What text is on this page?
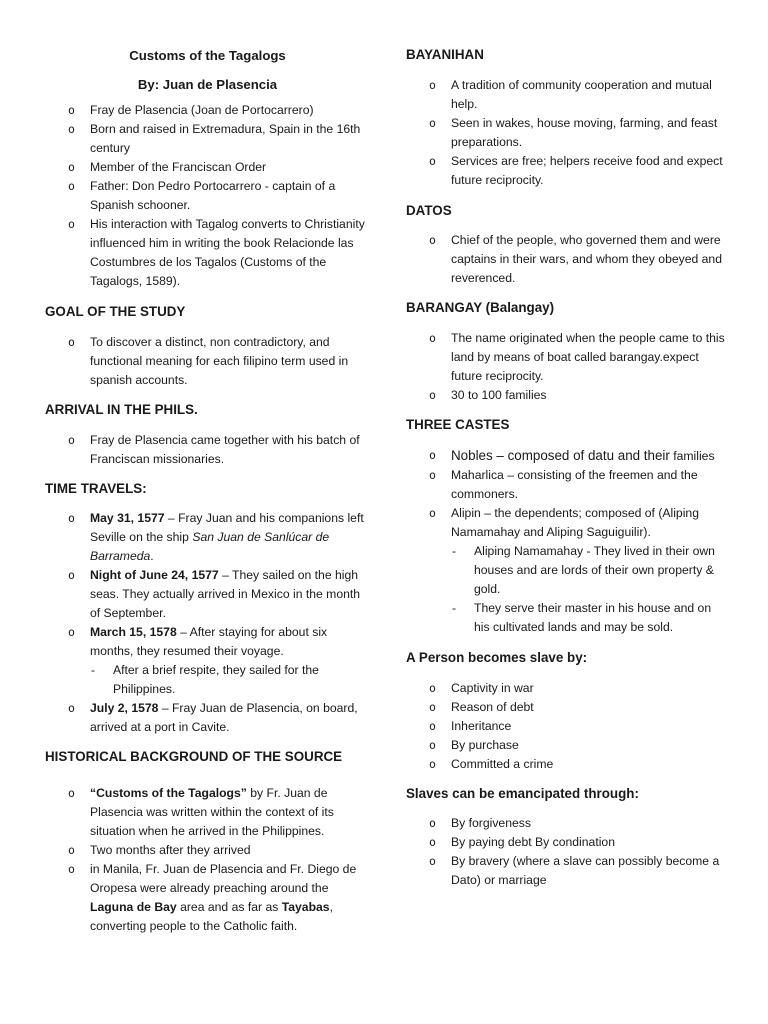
Customs of the Tagalogs

By: Juan de Plasencia

o Fray de Plasencia (Joan de Portocarrero)
o Born and raised in Extremadura, Spain in the 16th century
o Member of the Franciscan Order
o Father: Don Pedro Portocarrero - captain of a Spanish schooner.
o His interaction with Tagalog converts to Christianity influenced him in writing the book Relacionde las Costumbres de los Tagalos (Customs of the Tagalogs, 1589).

GOAL OF THE STUDY

o To discover a distinct, non contradictory, and functional meaning for each filipino term used in spanish accounts.

ARRIVAL IN THE PHILS.

o Fray de Plasencia came together with his batch of Franciscan missionaries.

TIME TRAVELS:

o May 31, 1577 – Fray Juan and his companions left Seville on the ship San Juan de Sanlúcar de Barrameda.
o Night of June 24, 1577 – They sailed on the high seas. They actually arrived in Mexico in the month of September.
o March 15, 1578 – After staying for about six months, they resumed their voyage.
- After a brief respite, they sailed for the Philippines.
o July 2, 1578 – Fray Juan de Plasencia, on board, arrived at a port in Cavite.

HISTORICAL BACKGROUND OF THE SOURCE

o “Customs of the Tagalogs” by Fr. Juan de Plasencia was written within the context of its situation when he arrived in the Philippines.
o Two months after they arrived
o in Manila, Fr. Juan de Plasencia and Fr. Diego de Oropesa were already preaching around the Laguna de Bay area and as far as Tayabas, converting people to the Catholic faith.

BAYANIHAN

o A tradition of community cooperation and mutual help.
o Seen in wakes, house moving, farming, and feast preparations.
o Services are free; helpers receive food and expect future reciprocity.

DATOS

o Chief of the people, who governed them and were captains in their wars, and whom they obeyed and reverenced.

BARANGAY (Balangay)

o The name originated when the people came to this land by means of boat called barangay.expect future reciprocity.
o 30 to 100 families

THREE CASTES

o Nobles – composed of datu and their families
o Maharlica – consisting of the freemen and the commoners.
o Alipin – the dependents; composed of (Aliping Namamahay and Aliping Saguiguilir).
- Aliping Namamahay - They lived in their own houses and are lords of their own property & gold.
- They serve their master in his house and on his cultivated lands and may be sold.

A Person becomes slave by:

o Captivity in war
o Reason of debt
o Inheritance
o By purchase
o Committed a crime

Slaves can be emancipated through:

o By forgiveness
o By paying debt By condination
o By bravery (where a slave can possibly become a Dato) or marriage
